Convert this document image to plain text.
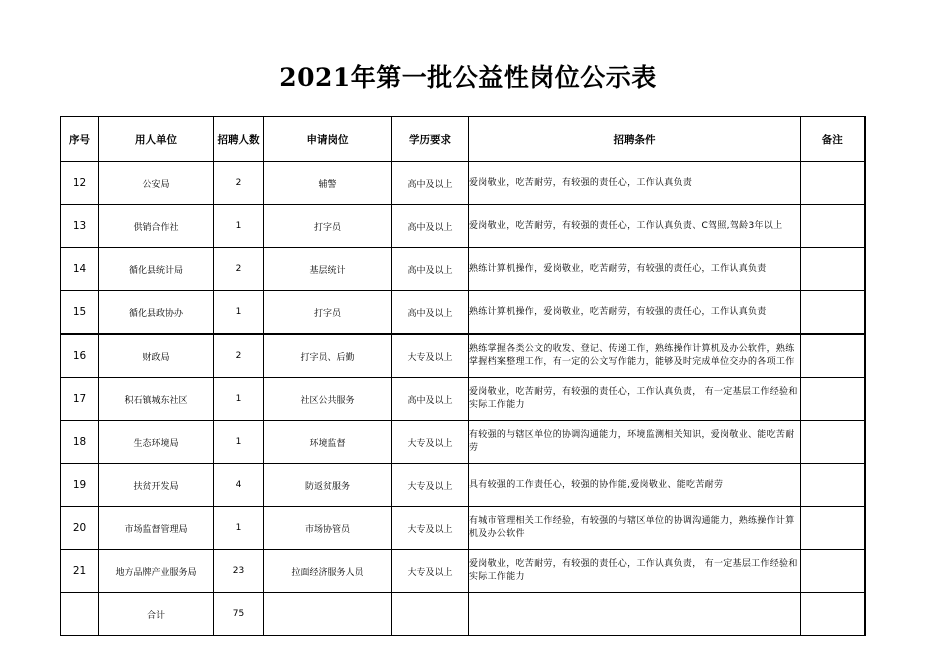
2021年第一批公益性岗位公示表
序号	用人单位	招聘人数	申请岗位	学历要求	招聘条件	备注
12	公安局	2	辅警	高中及以上	爱岗敬业，吃苦耐劳，有较强的责任心，工作认真负责	
13	供销合作社	1	打字员	高中及以上	爱岗敬业，吃苦耐劳，有较强的责任心，工作认真负责、C驾照,驾龄3年以上	
14	循化县统计局	2	基层统计	高中及以上	熟练计算机操作，爱岗敬业，吃苦耐劳，有较强的责任心，工作认真负责	
15	循化县政协办	1	打字员	高中及以上	熟练计算机操作，爱岗敬业，吃苦耐劳，有较强的责任心，工作认真负责	
16	财政局	2	打字员、后勤	大专及以上	熟练掌握各类公文的收发、登记、传递工作，熟练操作计算机及办公软件，熟练掌握档案整理工作，有一定的公文写作能力，能够及时完成单位交办的各项工作	
17	积石镇城东社区	1	社区公共服务	高中及以上	爱岗敬业，吃苦耐劳，有较强的责任心，工作认真负责， 有一定基层工作经验和实际工作能力	
18	生态环境局	1	环境监督	大专及以上	有较强的与辖区单位的协调沟通能力，环境监测相关知识，爱岗敬业、能吃苦耐劳	
19	扶贫开发局	4	防返贫服务	大专及以上	具有较强的工作责任心，较强的协作能,爱岗敬业、能吃苦耐劳	
20	市场监督管理局	1	市场协管员	大专及以上	有城市管理相关工作经验，有较强的与辖区单位的协调沟通能力，熟练操作计算机及办公软件	
21	地方品牌产业服务局	23	拉面经济服务人员	大专及以上	爱岗敬业，吃苦耐劳，有较强的责任心，工作认真负责， 有一定基层工作经验和实际工作能力	
	合计	75				
